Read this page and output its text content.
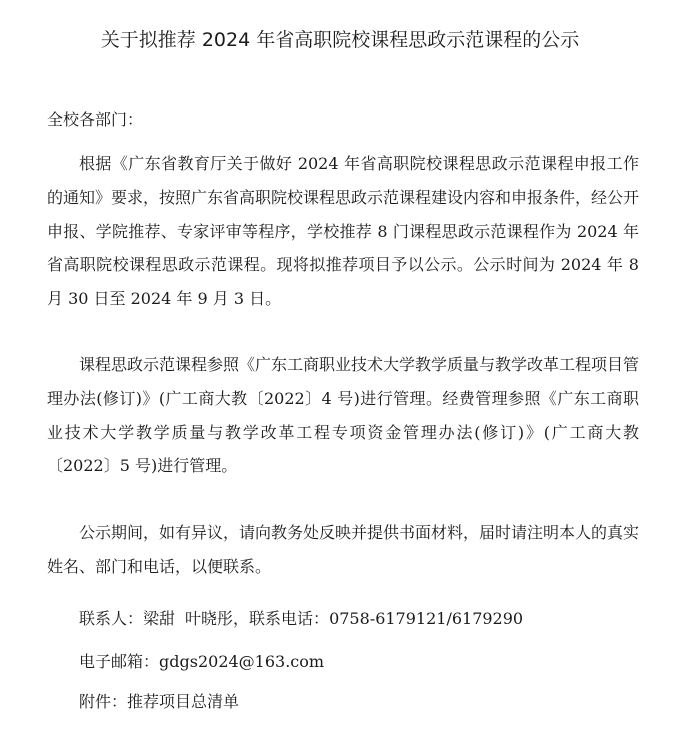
关于拟推荐 2024 年省高职院校课程思政示范课程的公示
全校各部门：

根据《广东省教育厅关于做好 2024 年省高职院校课程思政示范课程申报工作的通知》要求，按照广东省高职院校课程思政示范课程建设内容和申报条件，经公开申报、学院推荐、专家评审等程序，学校推荐 8 门课程思政示范课程作为 2024 年省高职院校课程思政示范课程。现将拟推荐项目予以公示。公示时间为 2024 年 8 月 30 日至 2024 年 9 月 3 日。

课程思政示范课程参照《广东工商职业技术大学教学质量与教学改革工程项目管理办法(修订)》(广工商大教〔2022〕4 号)进行管理。经费管理参照《广东工商职业技术大学教学质量与教学改革工程专项资金管理办法(修订)》(广工商大教〔2022〕5 号)进行管理。

公示期间，如有异议，请向教务处反映并提供书面材料，届时请注明本人的真实姓名、部门和电话，以便联系。

联系人：梁甜 叶晓彤，联系电话：0758-6179121/6179290
电子邮箱：gdgs2024@163.com
附件：推荐项目总清单
